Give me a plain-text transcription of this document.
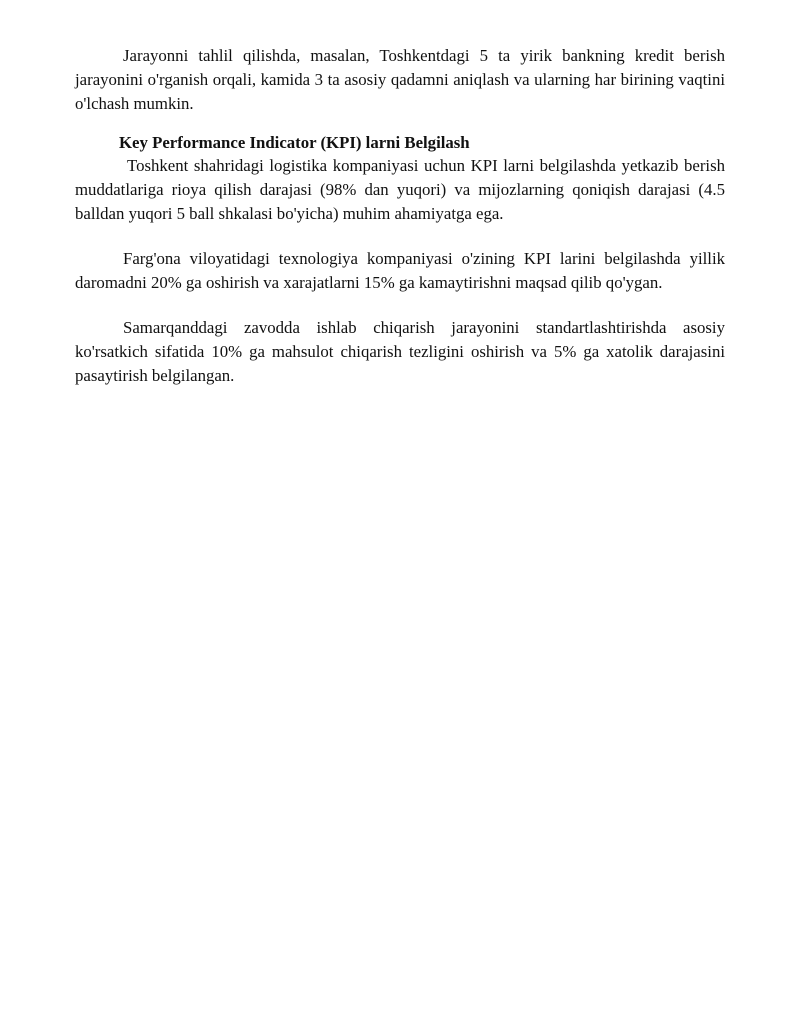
Jarayonni tahlil qilishda, masalan, Toshkentdagi 5 ta yirik bankning kredit berish jarayonini o'rganish orqali, kamida 3 ta asosiy qadamni aniqlash va ularning har birining vaqtini o'lchash mumkin.

Key Performance Indicator (KPI) larni Belgilash

Toshkent shahridagi logistika kompaniyasi uchun KPI larni belgilashda yetkazib berish muddatlariga rioya qilish darajasi (98% dan yuqori) va mijozlarning qoniqish darajasi (4.5 balldan yuqori 5 ball shkalasi bo'yicha) muhim ahamiyatga ega.

Farg'ona viloyatidagi texnologiya kompaniyasi o'zining KPI larini belgilashda yillik daromadni 20% ga oshirish va xarajatlarni 15% ga kamaytirishni maqsad qilib qo'ygan.

Samarqanddagi zavodda ishlab chiqarish jarayonini standartlashtirishda asosiy ko'rsatkich sifatida 10% ga mahsulot chiqarish tezligini oshirish va 5% ga xatolik darajasini pasaytirish belgilangan.
